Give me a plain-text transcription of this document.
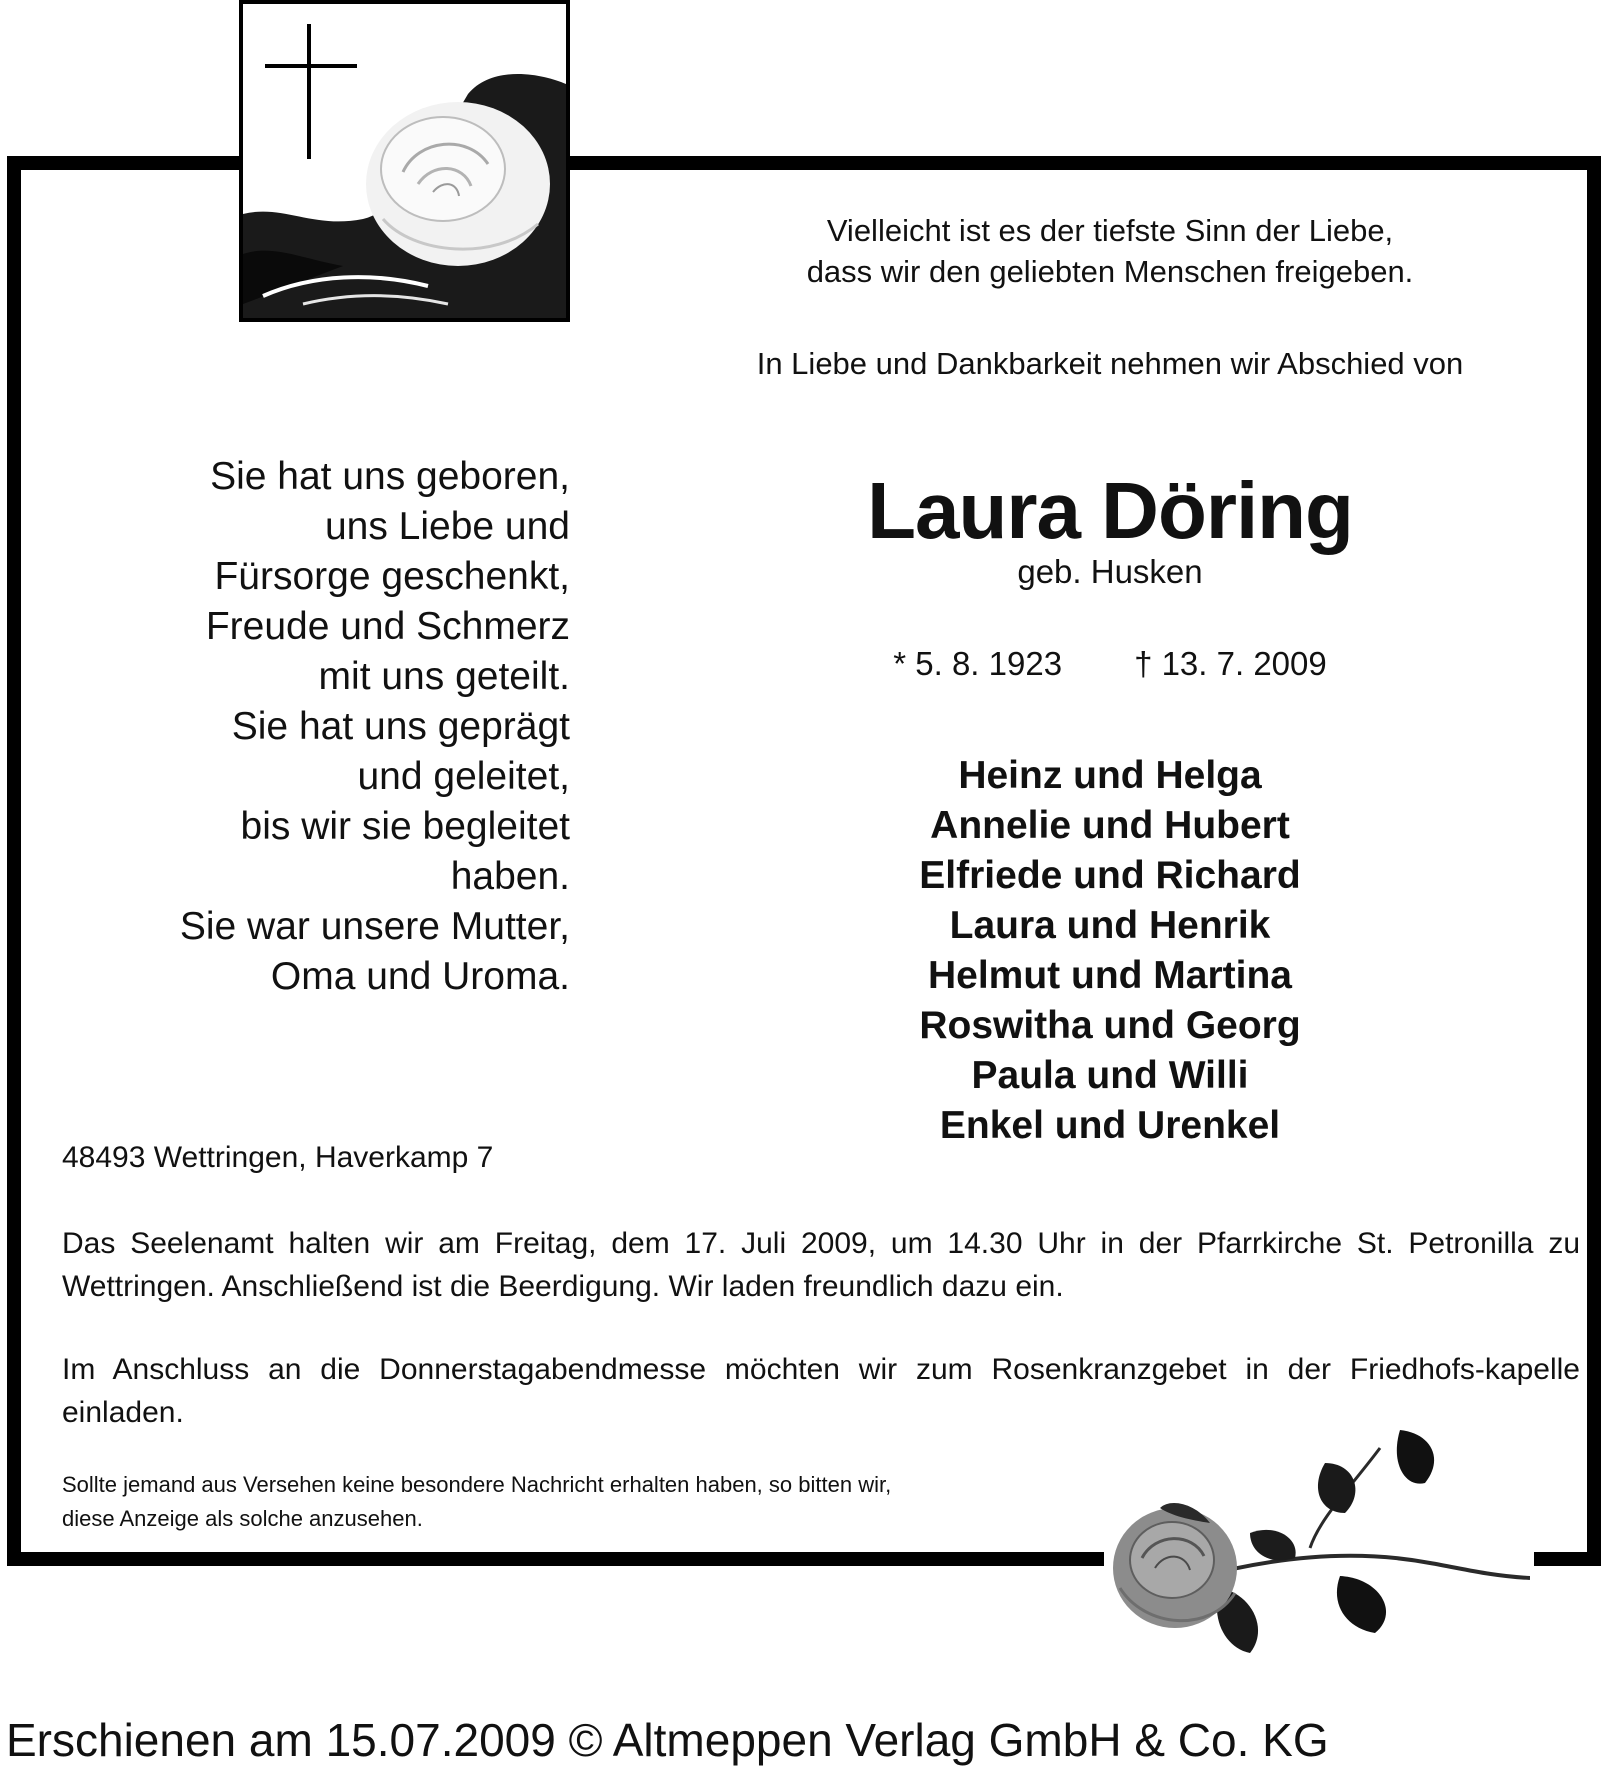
Vielleicht ist es der tiefste Sinn der Liebe,
dass wir den geliebten Menschen freigeben.
In Liebe und Dankbarkeit nehmen wir Abschied von
Sie hat uns geboren,
uns Liebe und
Fürsorge geschenkt,
Freude und Schmerz
mit uns geteilt.
Sie hat uns geprägt
und geleitet,
bis wir sie begleitet
haben.
Sie war unsere Mutter,
Oma und Uroma.
Laura Döring
geb. Husken
* 5. 8. 1923 † 13. 7. 2009
Heinz und Helga
Annelie und Hubert
Elfriede und Richard
Laura und Henrik
Helmut und Martina
Roswitha und Georg
Paula und Willi
Enkel und Urenkel
48493 Wettringen, Haverkamp 7
Das Seelenamt halten wir am Freitag, dem 17. Juli 2009, um 14.30 Uhr in der Pfarrkirche St. Petronilla zu Wettringen. Anschließend ist die Beerdigung. Wir laden freundlich dazu ein.
Im Anschluss an die Donnerstagabendmesse möchten wir zum Rosenkranzgebet in der Friedhofs-kapelle einladen.
Sollte jemand aus Versehen keine besondere Nachricht erhalten haben, so bitten wir,
diese Anzeige als solche anzusehen.
Erschienen am 15.07.2009 © Altmeppen Verlag GmbH & Co. KG
